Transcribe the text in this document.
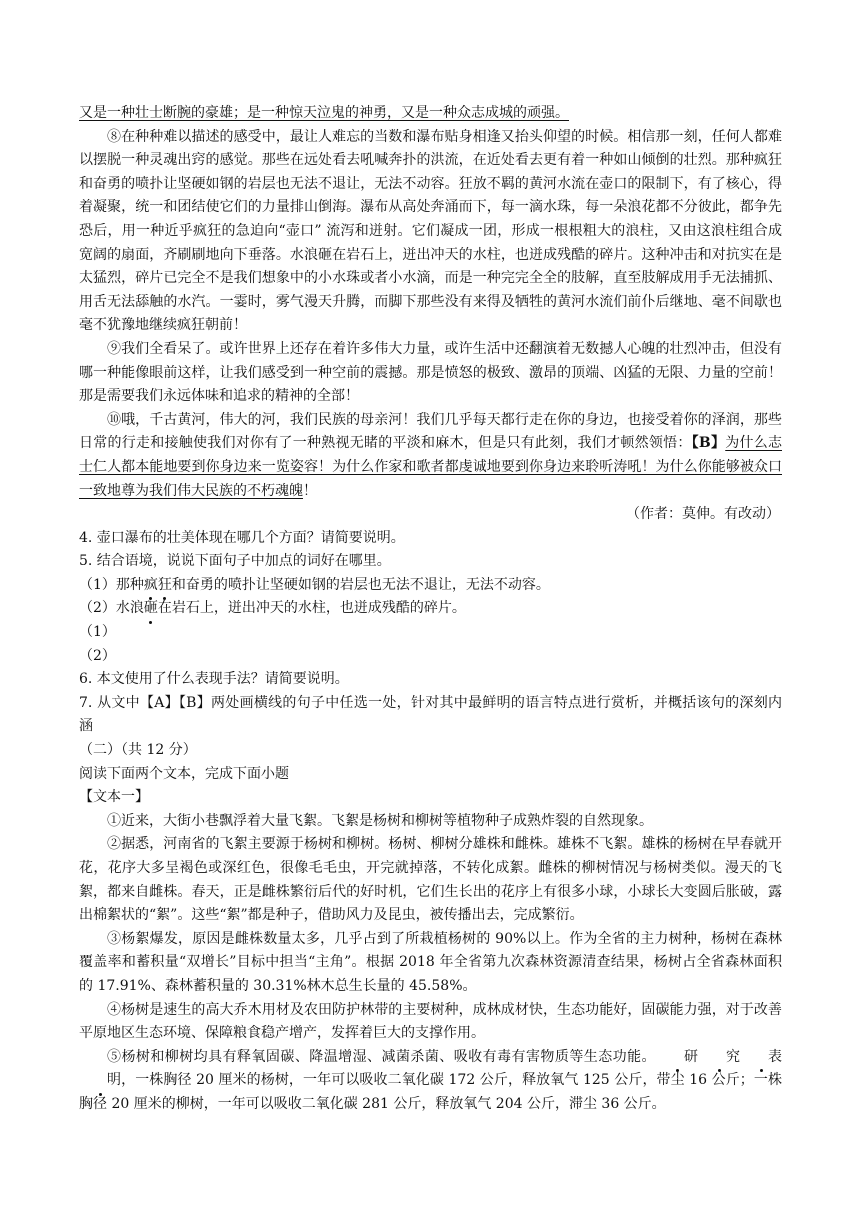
又是一种壮士断腕的豪雄；是一种惊天泣鬼的神勇，又是一种众志成城的顽强。

⑧在种种难以描述的感受中，最让人难忘的当数和瀑布贴身相逢又抬头仰望的时候。相信那一刻，任何人都难以摆脱一种灵魂出窍的感觉。那些在远处看去吼喊奔扑的洪流，在近处看去更有着一种如山倾倒的壮烈。那种疯狂和奋勇的喷扑让坚硬如钢的岩层也无法不退让，无法不动容。狂放不羁的黄河水流在壶口的限制下，有了核心，得着凝聚，统一和团结使它们的力量排山倒海。瀑布从高处奔涌而下，每一滴水珠，每一朵浪花都不分彼此，都争先恐后，用一种近乎疯狂的急迫向“壶口” 流泻和迸射。它们凝成一团，形成一根根粗大的浪柱，又由这浪柱组合成宽阔的扇面，齐刷刷地向下垂落。水浪砸在岩石上，迸出冲天的水柱，也迸成残酷的碎片。这种冲击和对抗实在是太猛烈，碎片已完全不是我们想象中的小水珠或者小水滴，而是一种完完全全的肢解，直至肢解成用手无法捕抓、用舌无法舔触的水汽。一霎时，雾气漫天升腾，而脚下那些没有来得及牺牲的黄河水流们前仆后继地、毫不间歇也毫不犹豫地继续疯狂朝前！

⑨我们全看呆了。或许世界上还存在着许多伟大力量，或许生活中还翻演着无数撼人心魄的壮烈冲击，但没有哪一种能像眼前这样，让我们感受到一种空前的震撼。那是愤怒的极致、激昂的顶端、凶猛的无限、力量的空前！那是需要我们永远体味和追求的精神的全部！

⑩哦，千古黄河，伟大的河，我们民族的母亲河！我们几乎每天都行走在你的身边，也接受着你的泽润，那些日常的行走和接触使我们对你有了一种熟视无睹的平淡和麻木，但是只有此刻，我们才顿然领悟：【B】为什么志士仁人都本能地要到你身边来一览姿容！为什么作家和歌者都虔诚地要到你身边来聆听涛吼！为什么你能够被众口一致地尊为我们伟大民族的不朽魂魄！

（作者：莫伸。有改动）

4. 壶口瀑布的壮美体现在哪几个方面？请简要说明。

5. 结合语境，说说下面句子中加点的词好在哪里。

（1）那种疯狂和奋勇的喷扑让坚硬如钢的岩层也无法不退让，无法不动容。

（2）水浪砸在岩石上，迸出冲天的水柱，也迸成残酷的碎片。

（1）

（2）

6. 本文使用了什么表现手法？请简要说明。

7. 从文中【A】【B】两处画横线的句子中任选一处，针对其中最鲜明的语言特点进行赏析，并概括该句的深刻内涵

（二）（共 12 分）

阅读下面两个文本，完成下面小题

【文本一】

①近来，大街小巷飘浮着大量飞絮。飞絮是杨树和柳树等植物种子成熟炸裂的自然现象。

②据悉，河南省的飞絮主要源于杨树和柳树。杨树、柳树分雄株和雌株。雄株不飞絮。雄株的杨树在早春就开花，花序大多呈褐色或深红色，很像毛毛虫，开完就掉落，不转化成絮。雌株的柳树情况与杨树类似。漫天的飞絮，都来自雌株。春天，正是雌株繁衍后代的好时机，它们生长出的花序上有很多小球，小球长大变圆后胀破，露出棉絮状的“絮”。这些“絮”都是种子，借助风力及昆虫，被传播出去，完成繁衍。

③杨絮爆发，原因是雌株数量太多，几乎占到了所栽植杨树的 90%以上。作为全省的主力树种，杨树在森林覆盖率和蓄积量“双增长”目标中担当“主角”。根据 2018 年全省第九次森林资源清查结果，杨树占全省森林面积的 17.91%、森林蓄积量的 30.31%林木总生长量的 45.58%。

④杨树是速生的高大乔木用材及农田防护林带的主要树种，成林成材快，生态功能好，固碳能力强，对于改善平原地区生态环境、保障粮食稳产增产，发挥着巨大的支撑作用。

⑤杨树和柳树均具有释氧固碳、降温增湿、减菌杀菌、吸收有毒有害物质等生态功能。 研 究 表明，一株胸径 20 厘米的杨树，一年可以吸收二氧化碳 172 公斤，释放氧气 125 公斤，带尘 16 公斤；一株胸径 20 厘米的柳树，一年可以吸收二氧化碳 281 公斤，释放氧气 204 公斤，滞尘 36 公斤。
